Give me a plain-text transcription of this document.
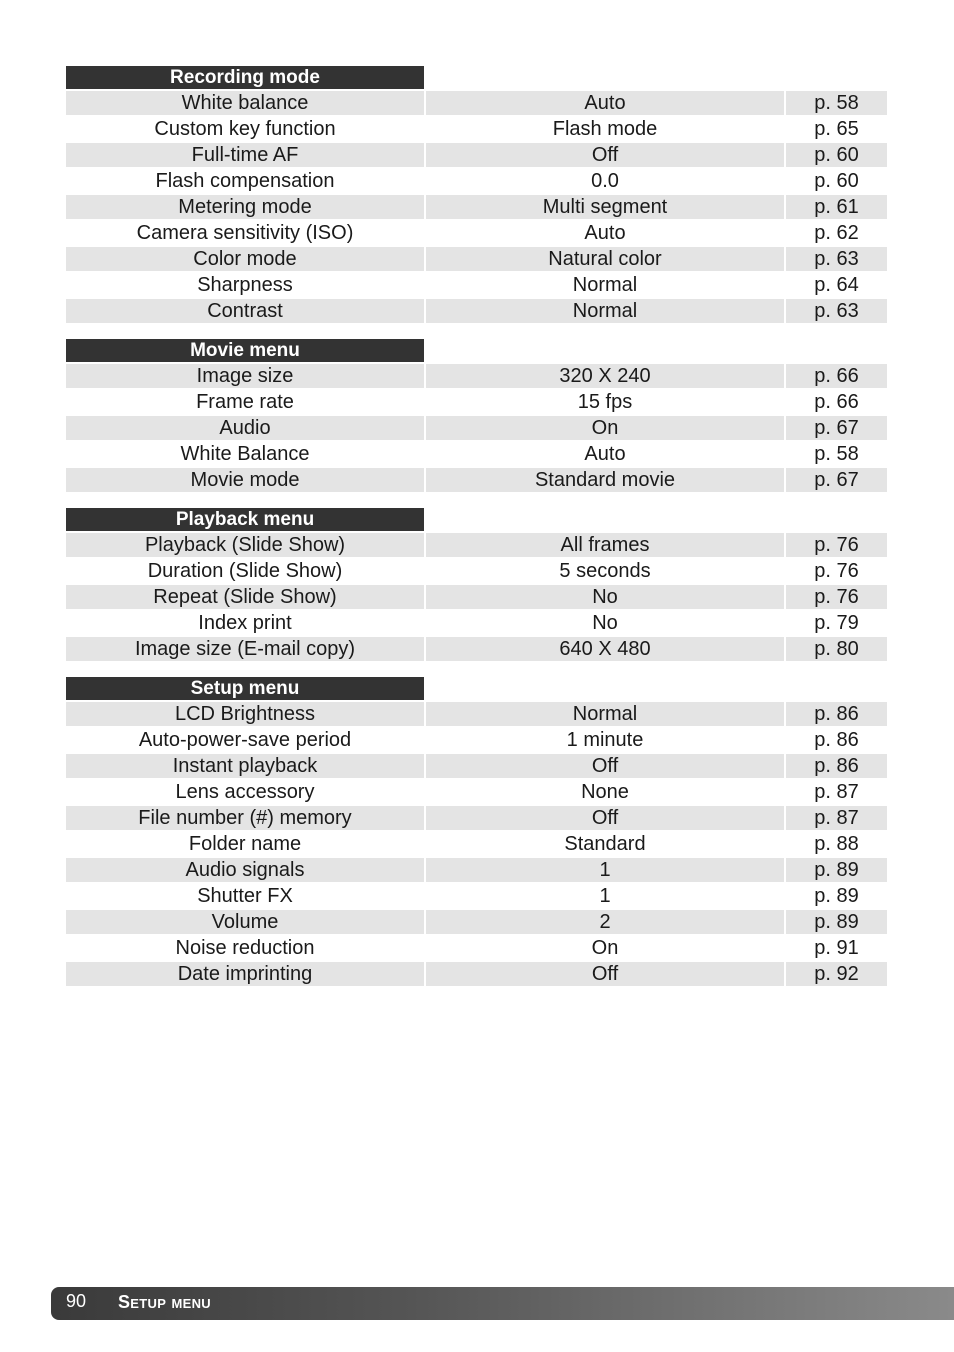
Recording mode
White balance	Auto	p. 58
Custom key function	Flash mode	p. 65
Full-time AF	Off	p. 60
Flash compensation	0.0	p. 60
Metering mode	Multi segment	p. 61
Camera sensitivity (ISO)	Auto	p. 62
Color mode	Natural color	p. 63
Sharpness	Normal	p. 64
Contrast	Normal	p. 63
Movie menu
Image size	320 X 240	p. 66
Frame rate	15 fps	p. 66
Audio	On	p. 67
White Balance	Auto	p. 58
Movie mode	Standard movie	p. 67
Playback menu
Playback (Slide Show)	All frames	p. 76
Duration (Slide Show)	5 seconds	p. 76
Repeat (Slide Show)	No	p. 76
Index print	No	p. 79
Image size (E-mail copy)	640 X 480	p. 80
Setup menu
LCD Brightness	Normal	p. 86
Auto-power-save period	1 minute	p. 86
Instant playback	Off	p. 86
Lens accessory	None	p. 87
File number (#) memory	Off	p. 87
Folder name	Standard	p. 88
Audio signals	1	p. 89
Shutter FX	1	p. 89
Volume	2	p. 89
Noise reduction	On	p. 91
Date imprinting	Off	p. 92
90 Setup menu
